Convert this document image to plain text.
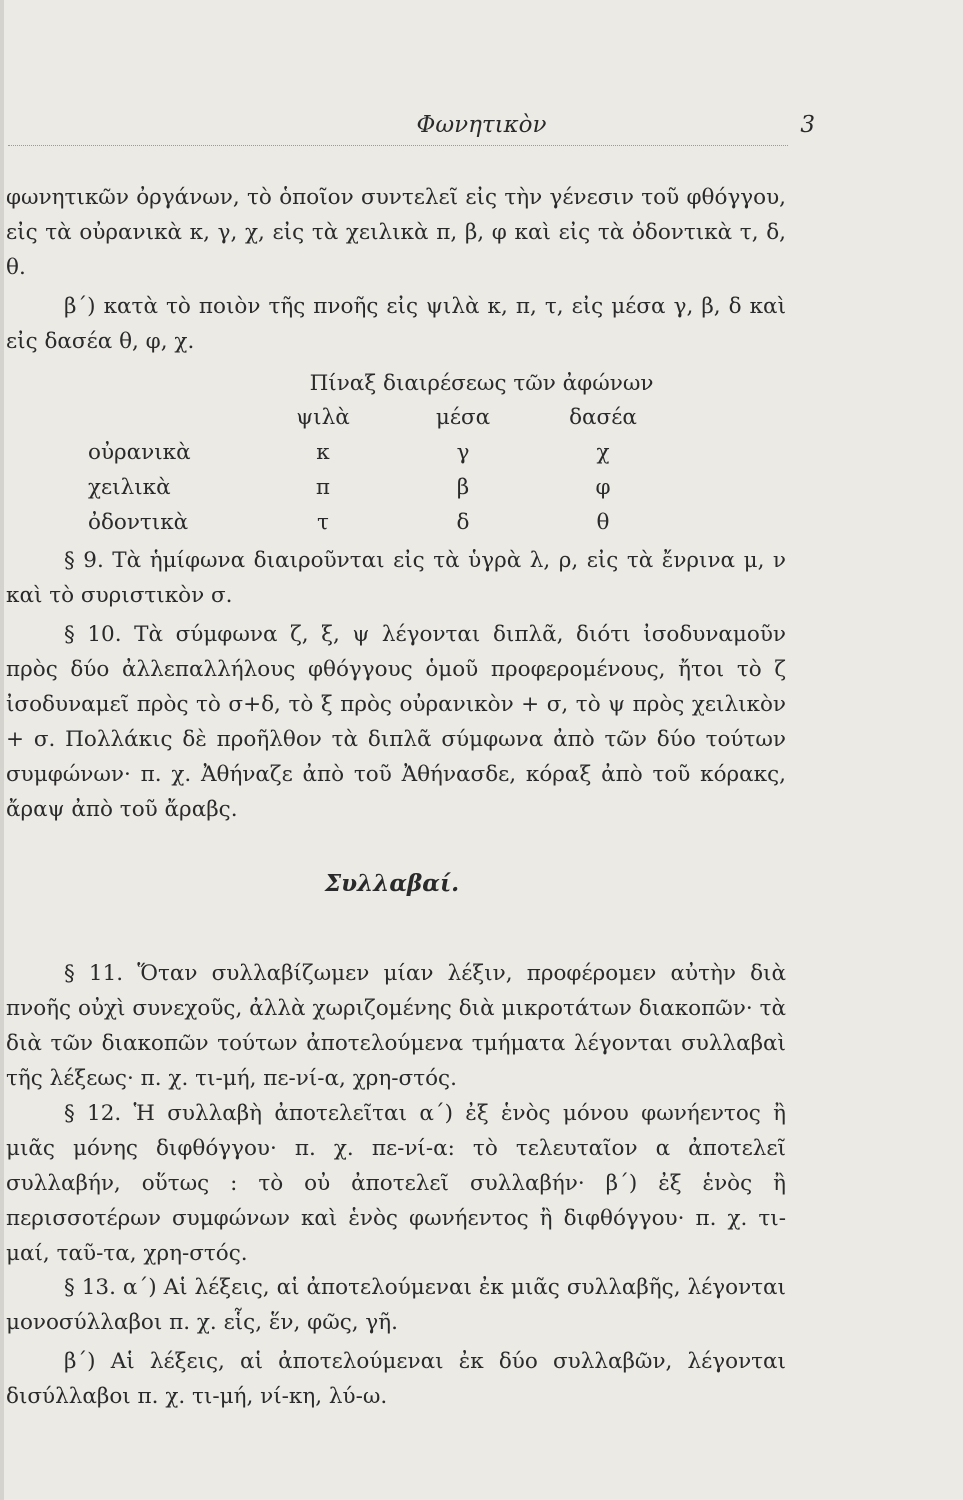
Φωνητικὸν	3

φωνητικῶν ὀργάνων, τὸ ὁποῖον συντελεῖ εἰς τὴν γένεσιν τοῦ φθόγγου, εἰς τὰ οὐρανικὰ κ, γ, χ, εἰς τὰ χειλικὰ π, β, φ καὶ εἰς τὰ ὀδοντικὰ τ, δ, θ.

β΄) κατὰ τὸ ποιὸν τῆς πνοῆς εἰς ψιλὰ κ, π, τ, εἰς μέσα γ, β, δ καὶ εἰς δασέα θ, φ, χ.

Πίναξ διαιρέσεως τῶν ἀφώνων
	ψιλὰ	μέσα	δασέα
οὐρανικὰ	κ	γ	χ
χειλικὰ	π	β	φ
ὀδοντικὰ	τ	δ	θ

§ 9. Τὰ ἡμίφωνα διαιροῦνται εἰς τὰ ὑγρὰ λ, ρ, εἰς τὰ ἔνρινα μ, ν καὶ τὸ συριστικὸν σ.

§ 10. Τὰ σύμφωνα ζ, ξ, ψ λέγονται διπλᾶ, διότι ἰσοδυναμοῦν πρὸς δύο ἀλλεπαλλήλους φθόγγους ὁμοῦ προφερομένους, ἤτοι τὸ ζ ἰσοδυναμεῖ πρὸς τὸ σ+δ, τὸ ξ πρὸς οὐρανικὸν + σ, τὸ ψ πρὸς χειλικὸν + σ. Πολλάκις δὲ προῆλθον τὰ διπλᾶ σύμφωνα ἀπὸ τῶν δύο τούτων συμφώνων· π. χ. Ἀθήναζε ἀπὸ τοῦ Ἀθήνασδε, κόραξ ἀπὸ τοῦ κόρακς, ἄραψ ἀπὸ τοῦ ἄραβς.

Συλλαβαί.

§ 11. Ὅταν συλλαβίζωμεν μίαν λέξιν, προφέρομεν αὐτὴν διὰ πνοῆς οὐχὶ συνεχοῦς, ἀλλὰ χωριζομένης διὰ μικροτάτων διακοπῶν· τὰ διὰ τῶν διακοπῶν τούτων ἀποτελούμενα τμήματα λέγονται συλλαβαὶ τῆς λέξεως· π. χ. τι-μή, πε-νί-α, χρη-στός.

§ 12. Ἡ συλλαβὴ ἀποτελεῖται α΄) ἐξ ἑνὸς μόνου φωνήεντος ἢ μιᾶς μόνης διφθόγγου· π. χ. πε-νί-α: τὸ τελευταῖον α ἀποτελεῖ συλλαβήν, οὕτως : τὸ οὐ ἀποτελεῖ συλλαβήν· β΄) ἐξ ἑνὸς ἢ περισσοτέρων συμφώνων καὶ ἑνὸς φωνήεντος ἢ διφθόγγου· π. χ. τι-μαί, ταῦ-τα, χρη-στός.

§ 13. α΄) Αἱ λέξεις, αἱ ἀποτελούμεναι ἐκ μιᾶς συλλαβῆς, λέγονται μονοσύλλαβοι π. χ. εἷς, ἕν, φῶς, γῆ.

β΄) Αἱ λέξεις, αἱ ἀποτελούμεναι ἐκ δύο συλλαβῶν, λέγονται δισύλλαβοι π. χ. τι-μή, νί-κη, λύ-ω.
